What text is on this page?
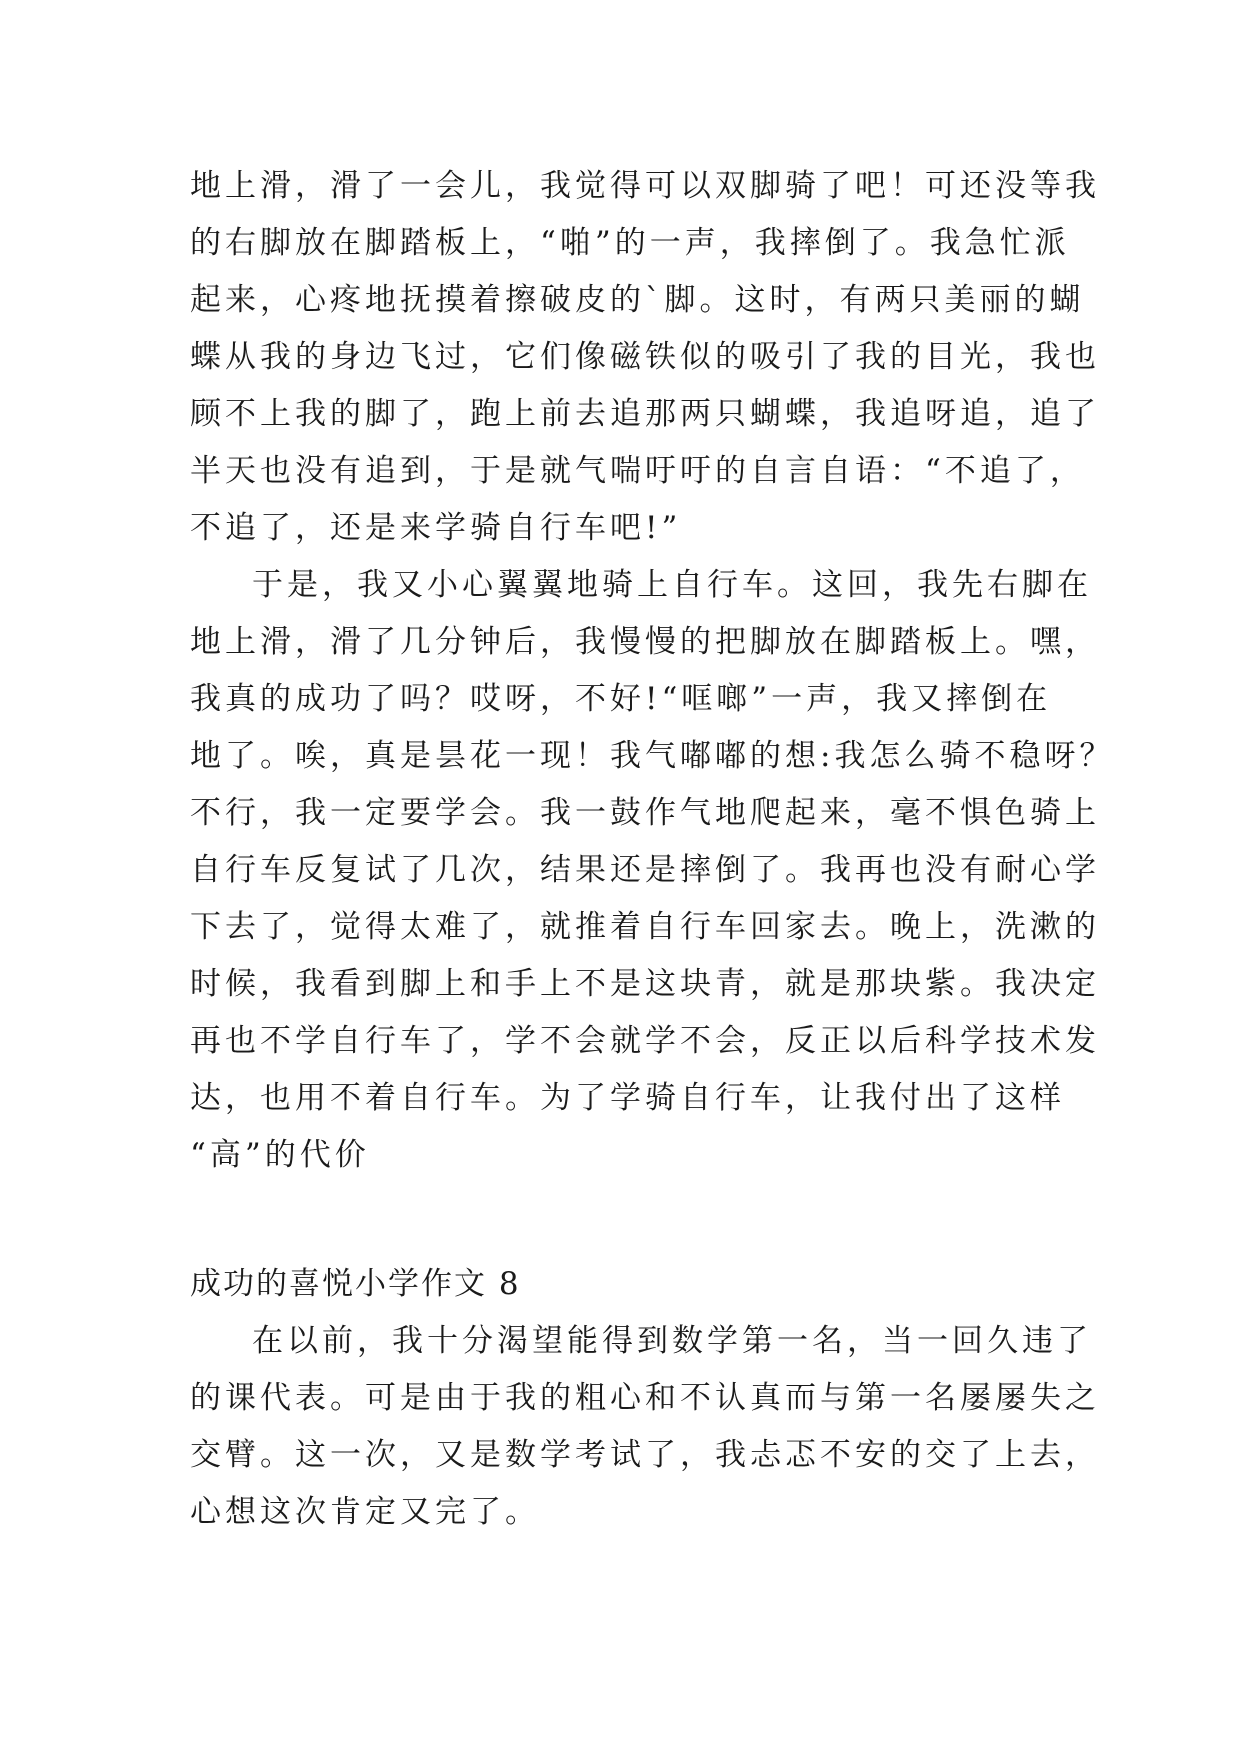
地上滑，滑了一会儿，我觉得可以双脚骑了吧！可还没等我
的右脚放在脚踏板上，“啪”的一声，我摔倒了。我急忙派
起来，心疼地抚摸着擦破皮的`脚。这时，有两只美丽的蝴
蝶从我的身边飞过，它们像磁铁似的吸引了我的目光，我也
顾不上我的脚了，跑上前去追那两只蝴蝶，我追呀追，追了
半天也没有追到，于是就气喘吁吁的自言自语：“不追了，
不追了，还是来学骑自行车吧!”
于是，我又小心翼翼地骑上自行车。这回，我先右脚在
地上滑，滑了几分钟后，我慢慢的把脚放在脚踏板上。嘿，
我真的成功了吗？哎呀，不好!“哐啷”一声，我又摔倒在
地了。唉，真是昙花一现！我气嘟嘟的想:我怎么骑不稳呀？
不行，我一定要学会。我一鼓作气地爬起来，毫不惧色骑上
自行车反复试了几次，结果还是摔倒了。我再也没有耐心学
下去了，觉得太难了，就推着自行车回家去。晚上，洗漱的
时候，我看到脚上和手上不是这块青，就是那块紫。我决定
再也不学自行车了，学不会就学不会，反正以后科学技术发
达，也用不着自行车。为了学骑自行车，让我付出了这样
“高”的代价
成功的喜悦小学作文 8
在以前，我十分渴望能得到数学第一名，当一回久违了
的课代表。可是由于我的粗心和不认真而与第一名屡屡失之
交臂。这一次，又是数学考试了，我忐忑不安的交了上去，
心想这次肯定又完了。
